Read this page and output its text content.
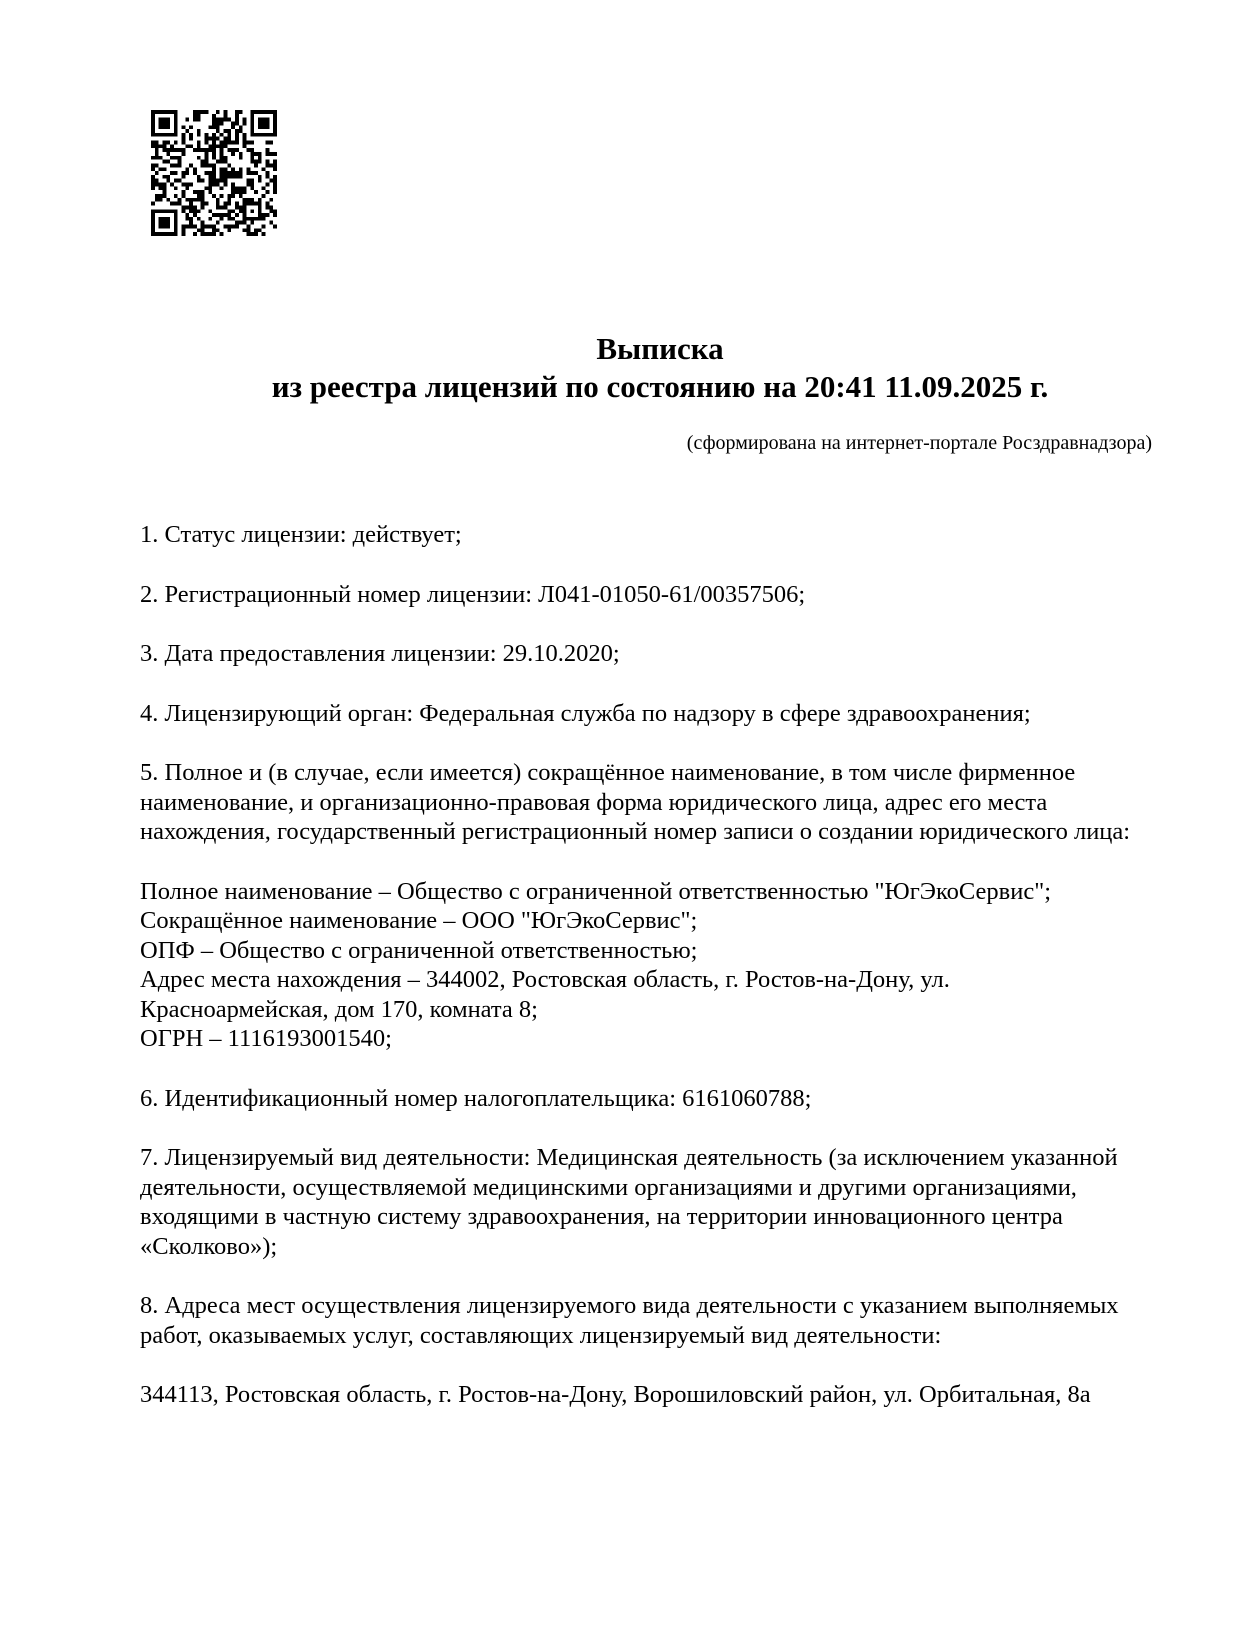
Выписка
из реестра лицензий по состоянию на 20:41 11.09.2025 г.
(сформирована на интернет-портале Росздравнадзора)
1. Статус лицензии: действует;
2. Регистрационный номер лицензии: Л041-01050-61/00357506;
3. Дата предоставления лицензии: 29.10.2020;
4. Лицензирующий орган: Федеральная служба по надзору в сфере здравоохранения;
5. Полное и (в случае, если имеется) сокращённое наименование, в том числе фирменное наименование, и организационно-правовая форма юридического лица, адрес его места нахождения, государственный регистрационный номер записи о создании юридического лица:
Полное наименование – Общество с ограниченной ответственностью "ЮгЭкоСервис";
Сокращённое наименование – ООО "ЮгЭкоСервис";
ОПФ – Общество с ограниченной ответственностью;
Адрес места нахождения – 344002, Ростовская область, г. Ростов-на-Дону, ул. Красноармейская, дом 170, комната 8;
ОГРН – 1116193001540;
6. Идентификационный номер налогоплательщика: 6161060788;
7. Лицензируемый вид деятельности: Медицинская деятельность (за исключением указанной деятельности, осуществляемой медицинскими организациями и другими организациями, входящими в частную систему здравоохранения, на территории инновационного центра «Сколково»);
8. Адреса мест осуществления лицензируемого вида деятельности с указанием выполняемых работ, оказываемых услуг, составляющих лицензируемый вид деятельности:
344113, Ростовская область, г. Ростов-на-Дону, Ворошиловский район, ул. Орбитальная, 8а
